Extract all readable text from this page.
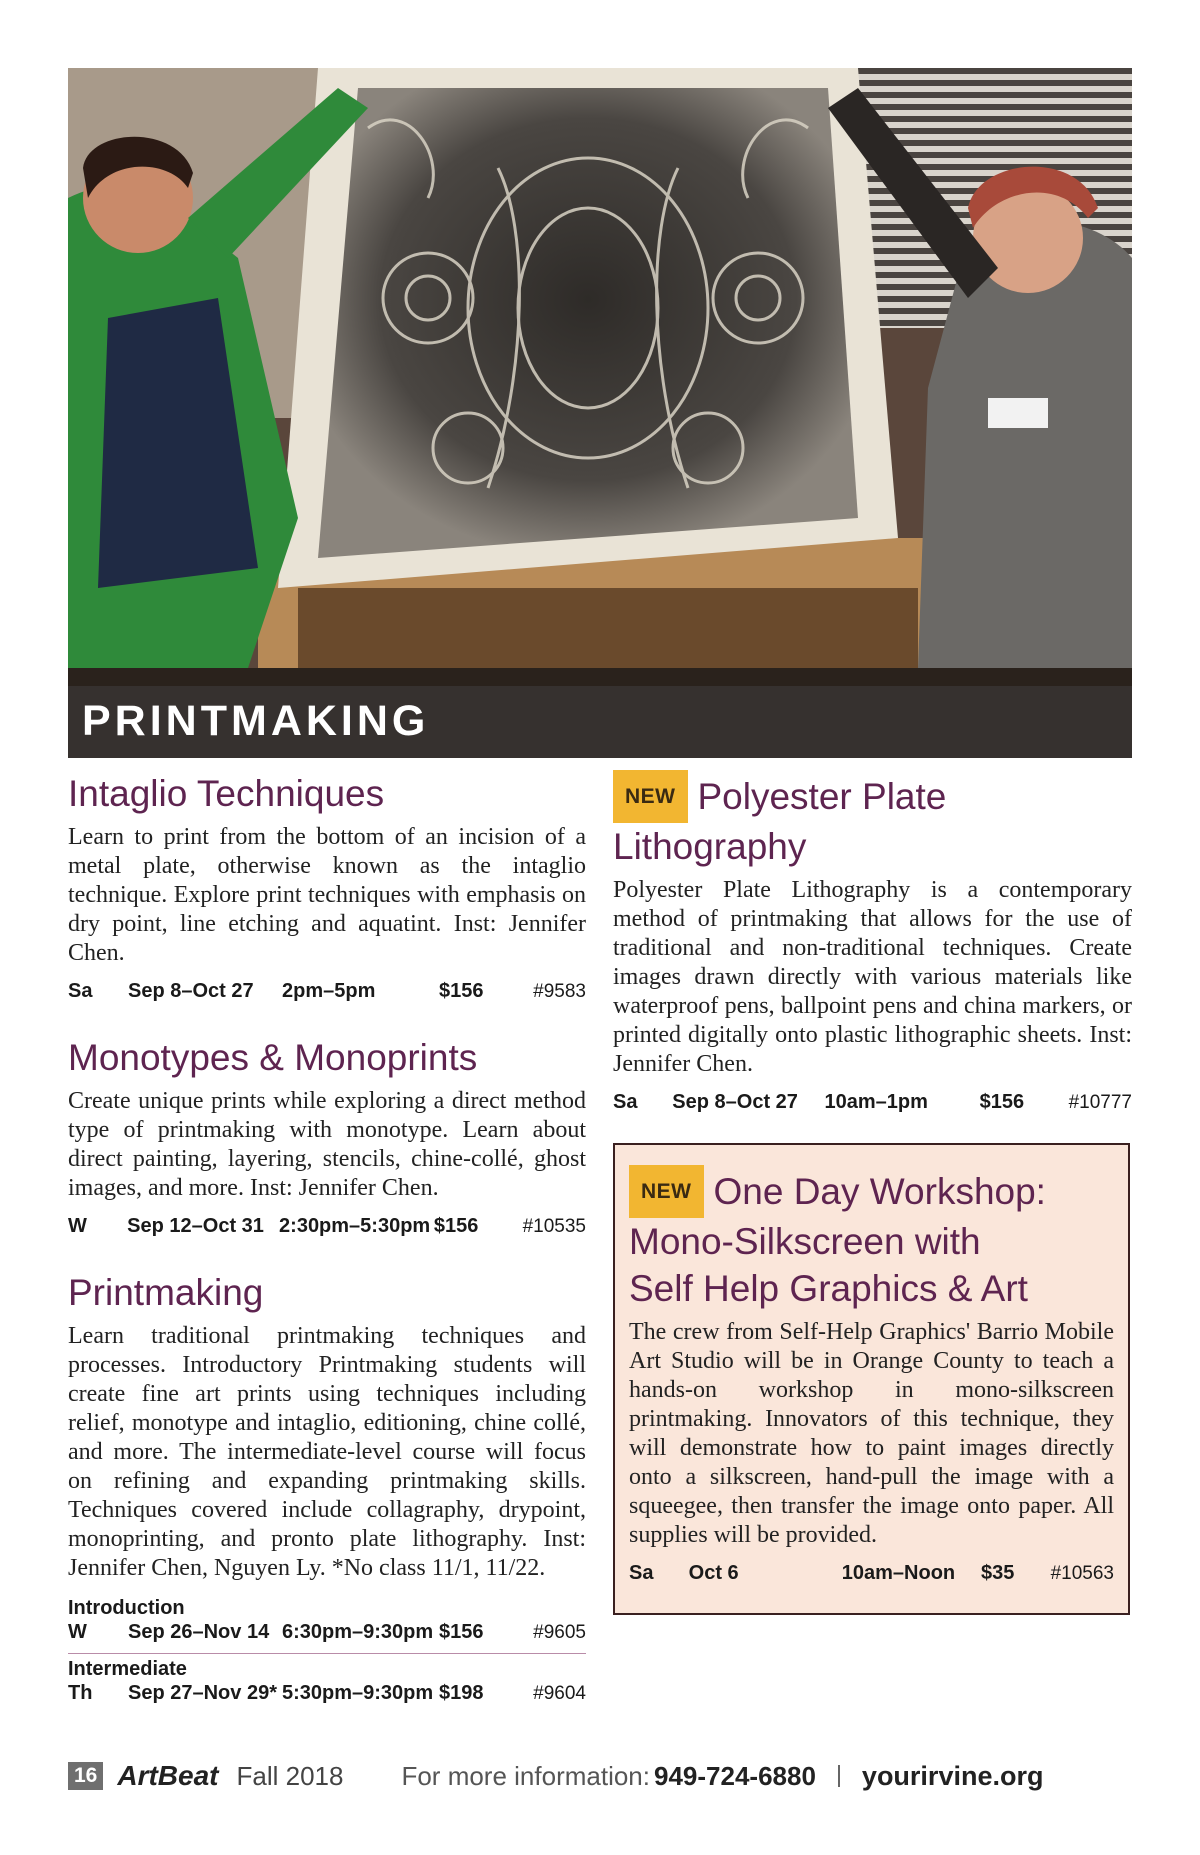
PRINTMAKING
Intaglio Techniques

Learn to print from the bottom of an incision of a metal plate, otherwise known as the intaglio technique. Explore print techniques with emphasis on dry point, line etching and aquatint. Inst: Jennifer Chen.

Sa	Sep 8–Oct 27	2pm–5pm	$156	#9583
Monotypes & Monoprints

Create unique prints while exploring a direct method type of printmaking with monotype. Learn about direct painting, layering, stencils, chine-collé, ghost images, and more. Inst: Jennifer Chen.

W	Sep 12–Oct 31 2:30pm–5:30pm $156	#10535
Printmaking

Learn traditional printmaking techniques and processes. Introductory Printmaking students will create fine art prints using techniques including relief, monotype and intaglio, editioning, chine collé, and more. The intermediate-level course will focus on refining and expanding printmaking skills. Techniques covered include collagraphy, drypoint, monoprinting, and pronto plate lithography. Inst: Jennifer Chen, Nguyen Ly. *No class 11/1, 11/22.

Introduction
W	Sep 26–Nov 14 6:30pm–9:30pm $156	#9605
Intermediate
Th	Sep 27–Nov 29* 5:30pm–9:30pm $198	#9604
NEW Polyester Plate
Lithography

Polyester Plate Lithography is a contemporary method of printmaking that allows for the use of traditional and non-traditional techniques. Create images drawn directly with various materials like waterproof pens, ballpoint pens and china markers, or printed digitally onto plastic lithographic sheets. Inst: Jennifer Chen.

Sa	Sep 8–Oct 27	10am–1pm	$156	#10777
NEW One Day Workshop:
Mono-Silkscreen with
Self Help Graphics & Art

The crew from Self-Help Graphics' Barrio Mobile Art Studio will be in Orange County to teach a hands-on workshop in mono-silkscreen printmaking. Innovators of this technique, they will demonstrate how to paint images directly onto a silkscreen, hand-pull the image with a squeegee, then transfer the image onto paper. All supplies will be provided.

Sa	Oct 6	10am–Noon	$35	#10563
16 ArtBeat Fall 2018 For more information: 949-724-6880 yourirvine.org
